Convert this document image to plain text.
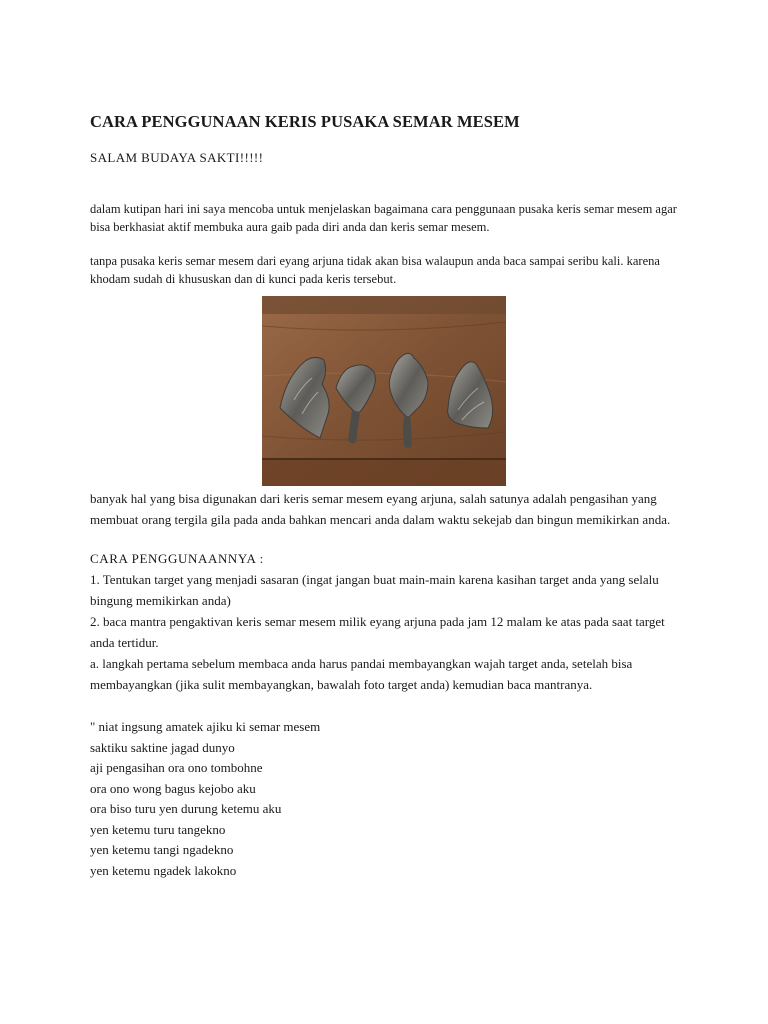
CARA PENGGUNAAN KERIS PUSAKA SEMAR MESEM

SALAM BUDAYA SAKTI!!!!!

dalam kutipan hari ini saya mencoba untuk menjelaskan bagaimana cara penggunaan pusaka keris semar mesem agar bisa berkhasiat aktif membuka aura gaib pada diri anda dan keris semar mesem.

tanpa pusaka keris semar mesem dari eyang arjuna tidak akan bisa walaupun anda baca sampai seribu kali. karena khodam sudah di khususkan dan di kunci pada keris tersebut.

banyak hal yang bisa digunakan dari keris semar mesem eyang arjuna, salah satunya adalah pengasihan yang membuat orang tergila gila pada anda bahkan mencari anda dalam waktu sekejab dan bingun memikirkan anda.

CARA PENGGUNAANNYA :

1. Tentukan target yang menjadi sasaran (ingat jangan buat main-main karena kasihan target anda yang selalu bingung memikirkan anda)
2. baca mantra pengaktivan keris semar mesem milik eyang arjuna pada jam 12 malam ke atas pada saat target anda tertidur.
a. langkah pertama sebelum membaca anda harus pandai membayangkan wajah target anda, setelah bisa membayangkan (jika sulit membayangkan, bawalah foto target anda) kemudian baca mantranya.
" niat ingsung amatek ajiku ki semar mesem
saktiku saktine jagad dunyo
aji pengasihan ora ono tombohne
ora ono wong bagus kejobo aku
ora biso turu yen durung ketemu aku
yen ketemu turu tangekno
yen ketemu tangi ngadekno
yen ketemu ngadek lakokno
